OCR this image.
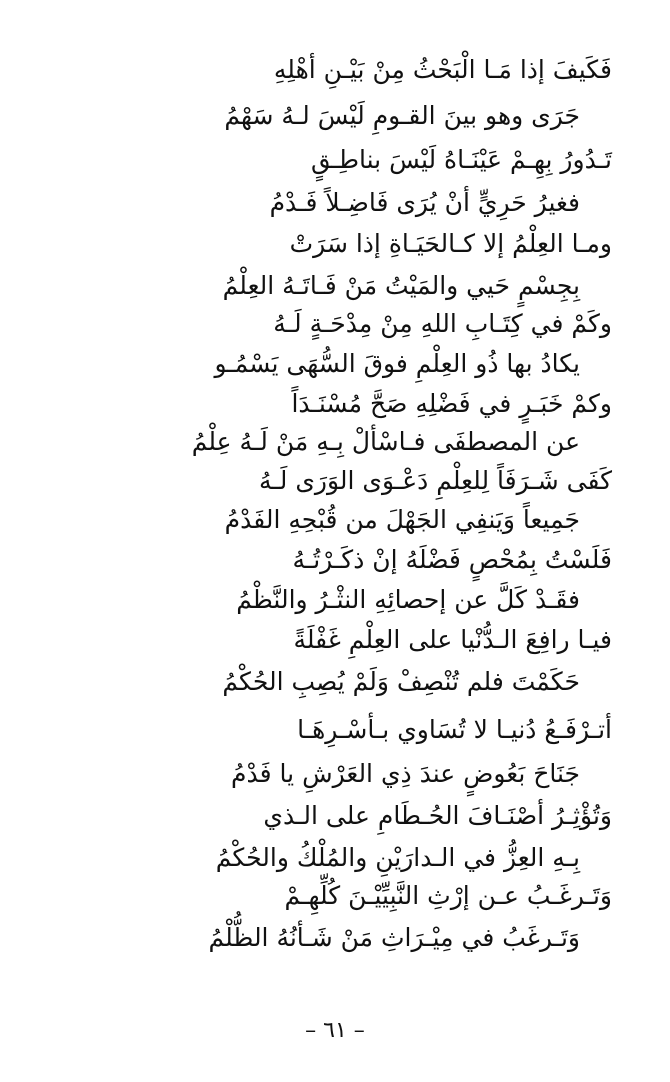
فَكَيفَ إذا مَـا الْبَحْثُ مِنْ بَيْـنِ أهْلِهِ
جَرَى وهو بينَ القـومِ لَيْسَ لـهُ سَهْمُ
تَـدُورُ بِهِـمْ عَيْنَـاهُ لَيْسَ بناطِـقٍ
فغيرُ حَرِيٍّ أنْ يُرَى فَاضِـلاً فَـدْمُ
ومـا العِلْمُ إلا كـالحَيَـاةِ إذا سَرَتْ
بِجِسْمٍ حَيي والمَيْتُ مَنْ فَـاتَـهُ العِلْمُ
وكَمْ في كِتَـابِ اللهِ مِنْ مِدْحَـةٍ لَـهُ
يكادُ بها ذُو العِلْمِ فوقَ السُّهَى يَسْمُـو
وكمْ خَبَـرٍ في فَضْلِهِ صَحَّ مُسْنَـدَاً
عن المصطفَى فـاسْألْ بِـهِ مَنْ لَـهُ عِلْمُ
كَفَى شَـرَفَاً لِلعِلْمِ دَعْـوَى الوَرَى لَـهُ
جَمِيعاً وَيَنفِي الجَهْلَ من قُبْحِهِ الفَدْمُ
فَلَسْتُ بِمُحْصٍ فَضْلَهُ إنْ ذكَـرْتُـهُ
فقَـدْ كَلَّ عن إحصائِهِ النثْـرُ والنَّظْمُ
فيـا رافِعَ الـدُّنْيا على العِلْمِ غَفْلَةً
حَكَمْتَ فلم تُنْصِفْ وَلَمْ يُصِبِ الحُكْمُ
أتـرْفَـعُ دُنيـا لا تُسَاوي بـأسْـرِهَـا
جَنَاحَ بَعُوضٍ عندَ ذِي العَرْشِ يا فَدْمُ
وَتُؤْثِـرُ أصْنَـافَ الحُـطَامِ على الـذي
بِـهِ العِزُّ في الـدارَيْنِ والمُلْكُ والحُكْمُ
وَتَـرغَـبُ عـن إرْثِ النَّبِيِّيْـنَ كُلِّهِـمْ
وَتَـرغَبُ في مِيْـرَاثِ مَنْ شَـأنُهُ الظُّلْمُ
– ٦١ –
